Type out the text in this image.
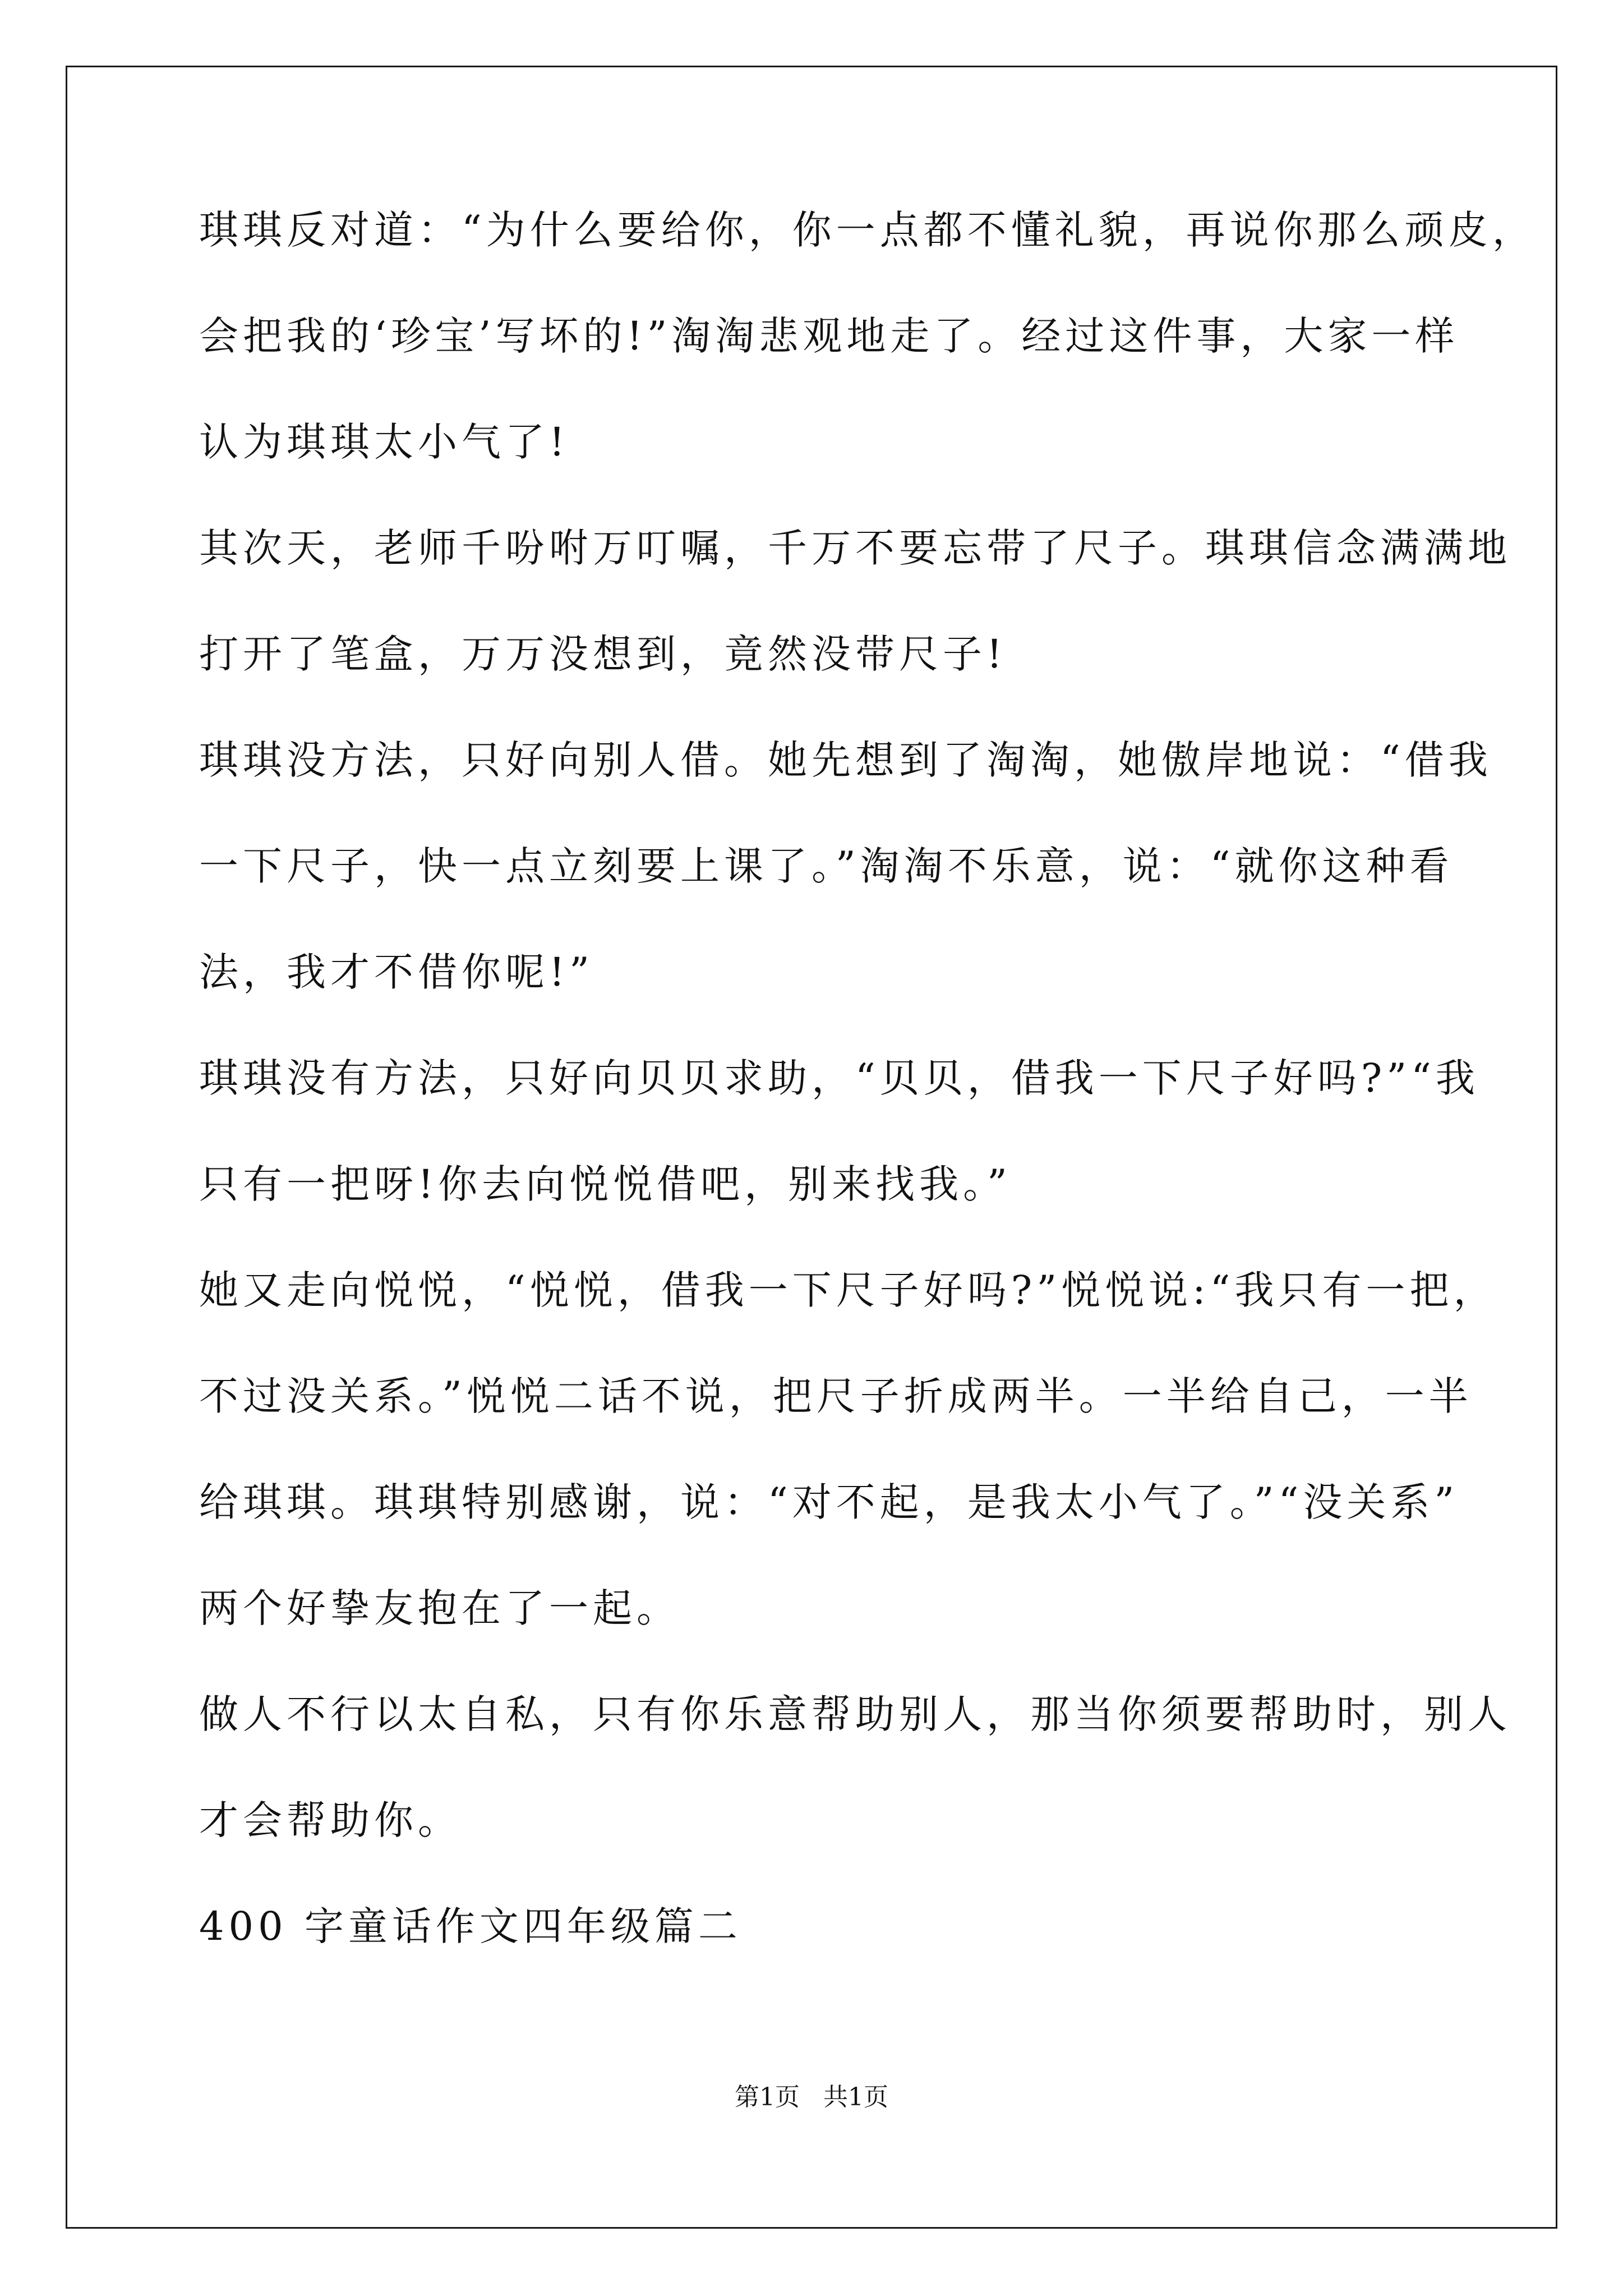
琪琪反对道：“为什么要给你，你一点都不懂礼貌，再说你那么顽皮，
会把我的‘珍宝’写坏的!”淘淘悲观地走了。经过这件事，大家一样
认为琪琪太小气了!
其次天，老师千吩咐万叮嘱，千万不要忘带了尺子。琪琪信念满满地
打开了笔盒，万万没想到，竟然没带尺子!
琪琪没方法，只好向别人借。她先想到了淘淘，她傲岸地说：“借我
一下尺子，快一点立刻要上课了。”淘淘不乐意，说：“就你这种看
法，我才不借你呢!”
琪琪没有方法，只好向贝贝求助，“贝贝，借我一下尺子好吗?”“我
只有一把呀!你去向悦悦借吧，别来找我。”
她又走向悦悦，“悦悦，借我一下尺子好吗?”悦悦说:“我只有一把，
不过没关系。”悦悦二话不说，把尺子折成两半。一半给自己，一半
给琪琪。琪琪特别感谢，说：“对不起，是我太小气了。”“没关系”
两个好挚友抱在了一起。
做人不行以太自私，只有你乐意帮助别人，那当你须要帮助时，别人
才会帮助你。
400 字童话作文四年级篇二
第1页   共1页
